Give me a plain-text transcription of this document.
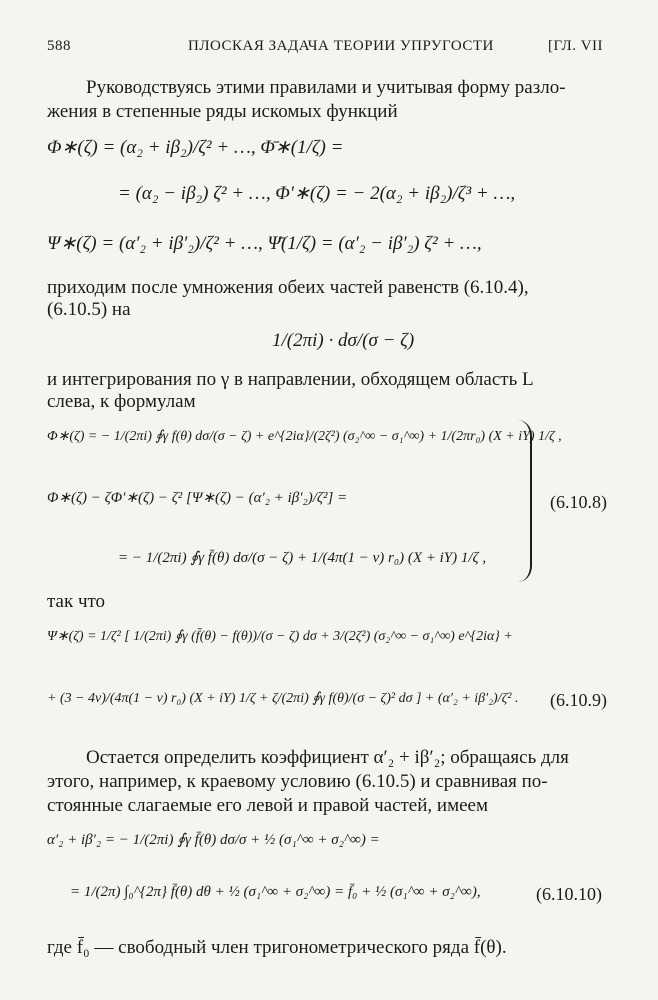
588	ПЛОСКАЯ ЗАДАЧА ТЕОРИИ УПРУГОСТИ	[ГЛ. VII
Руководствуясь этими правилами и учитывая форму разло-
жения в степенные ряды искомых функций
Φ∗(ζ) = (α₂ + iβ₂)/ζ² + …, Φ̄∗(1/ζ) =
= (α₂ − iβ₂) ζ² + …, Φ′∗(ζ) = − 2(α₂ + iβ₂)/ζ³ + …,
Ψ∗(ζ) = (α′₂ + iβ′₂)/ζ² + …, Ψ̄(1/ζ) = (α′₂ − iβ′₂) ζ² + …,
приходим после умножения обеих частей равенств (6.10.4),
(6.10.5) на
1/(2πi) · dσ/(σ − ζ)
и интегрирования по γ в направлении, обходящем область L
слева, к формулам
Φ∗(ζ) = − 1/(2πi) ∮γ f(θ) dσ/(σ − ζ) + e^{2iα}/(2ζ²) (σ₂^∞ − σ₁^∞) + 1/(2πr₀) (X + iY) 1/ζ ,
Φ∗(ζ) − ζΦ′∗(ζ) − ζ² [Ψ∗(ζ) − (α′₂ + iβ′₂)/ζ²] =
= − 1/(2πi) ∮γ f̄(θ) dσ/(σ − ζ) + 1/(4π(1 − ν) r₀) (X + iY) 1/ζ ,
(6.10.8)
так что
Ψ∗(ζ) = 1/ζ² [ 1/(2πi) ∮γ (f̄(θ) − f(θ))/(σ − ζ) dσ + 3/(2ζ²) (σ₂^∞ − σ₁^∞) e^{2iα} +
+ (3 − 4ν)/(4π(1 − ν) r₀) (X + iY) 1/ζ + ζ/(2πi) ∮γ f(θ)/(σ − ζ)² dσ ] + (α′₂ + iβ′₂)/ζ² . (6.10.9)
Остается определить коэффициент α′₂ + iβ′₂; обращаясь для
этого, например, к краевому условию (6.10.5) и сравнивая по-
стоянные слагаемые его левой и правой частей, имеем
α′₂ + iβ′₂ = − 1/(2πi) ∮γ f̄(θ) dσ/σ + ½ (σ₁^∞ + σ₂^∞) =
= 1/(2π) ∫₀^{2π} f̄(θ) dθ + ½ (σ₁^∞ + σ₂^∞) = f̄₀ + ½ (σ₁^∞ + σ₂^∞),	(6.10.10)
где f̄₀ — свободный член тригонометрического ряда f̄(θ).
